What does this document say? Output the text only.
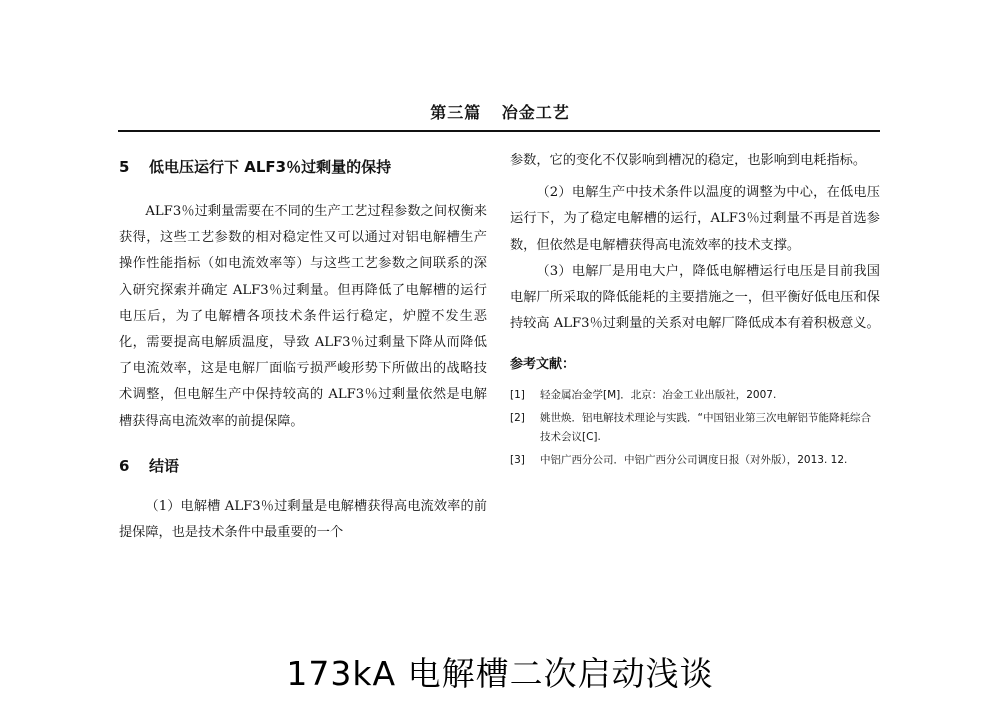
第三篇 冶金工艺
5 低电压运行下 ALF3％过剩量的保持

ALF3％过剩量需要在不同的生产工艺过程参数之间权衡来获得，这些工艺参数的相对稳定性又可以通过对铝电解槽生产操作性能指标（如电流效率等）与这些工艺参数之间联系的深入研究探索并确定 ALF3％过剩量。但再降低了电解槽的运行电压后，为了电解槽各项技术条件运行稳定，炉膛不发生恶化，需要提高电解质温度，导致 ALF3％过剩量下降从而降低了电流效率，这是电解厂面临亏损严峻形势下所做出的战略技术调整，但电解生产中保持较高的 ALF3％过剩量依然是电解槽获得高电流效率的前提保障。

6 结语

（1）电解槽 ALF3％过剩量是电解槽获得高电流效率的前提保障，也是技术条件中最重要的一个

参数，它的变化不仅影响到槽况的稳定，也影响到电耗指标。

（2）电解生产中技术条件以温度的调整为中心，在低电压运行下，为了稳定电解槽的运行，ALF3％过剩量不再是首选参数，但依然是电解槽获得高电流效率的技术支撑。

（3）电解厂是用电大户，降低电解槽运行电压是目前我国电解厂所采取的降低能耗的主要措施之一，但平衡好低电压和保持较高 ALF3％过剩量的关系对电解厂降低成本有着积极意义。

参考文献：
[1]	轻金属冶金学[M]．北京：冶金工业出版社，2007.
[2]	姚世焕．铝电解技术理论与实践．“中国铝业第三次电解铝节能降耗综合技术会议[C].
[3]	中铝广西分公司．中铝广西分公司调度日报（对外版），2013. 12.
173kA 电解槽二次启动浅谈
